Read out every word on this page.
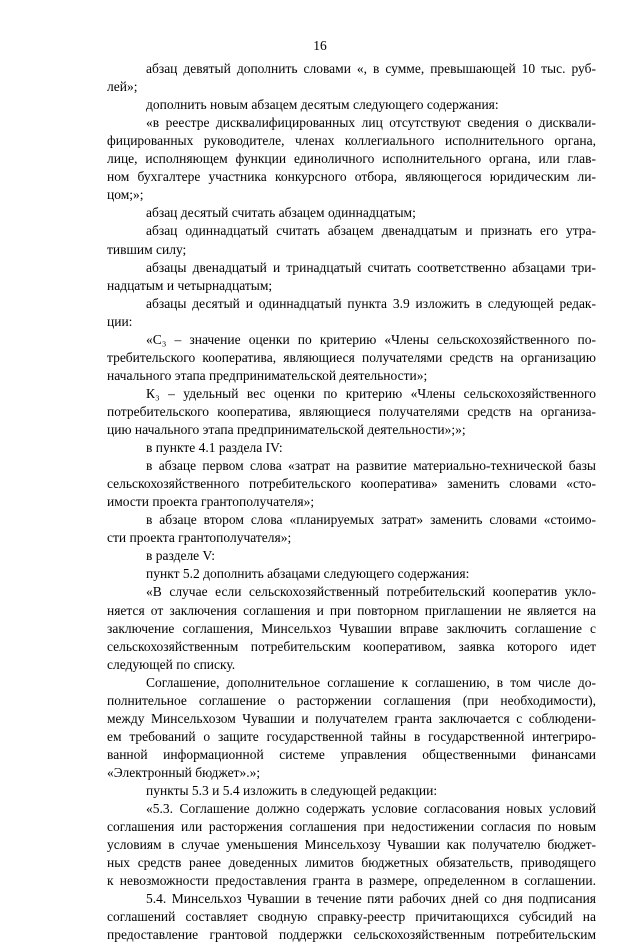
16
абзац девятый дополнить словами «, в сумме, превышающей 10 тыс. руб-
лей»;
дополнить новым абзацем десятым следующего содержания:
«в реестре дисквалифицированных лиц отсутствуют сведения о дисквали-
фицированных руководителе, членах коллегиального исполнительного органа,
лице, исполняющем функции единоличного исполнительного органа, или глав-
ном бухгалтере участника конкурсного отбора, являющегося юридическим ли-
цом;»;
абзац десятый считать абзацем одиннадцатым;
абзац одиннадцатый считать абзацем двенадцатым и признать его утра-
тившим силу;
абзацы двенадцатый и тринадцатый считать соответственно абзацами три-
надцатым и четырнадцатым;
абзацы десятый и одиннадцатый пункта 3.9 изложить в следующей редак-
ции:
«С₃ – значение оценки по критерию «Члены сельскохозяйственного по-
требительского кооператива, являющиеся получателями средств на организацию
начального этапа предпринимательской деятельности»;
К₃ – удельный вес оценки по критерию «Члены сельскохозяйственного
потребительского кооператива, являющиеся получателями средств на организа-
цию начального этапа предпринимательской деятельности»;»;
в пункте 4.1 раздела IV:
в абзаце первом слова «затрат на развитие материально-технической базы
сельскохозяйственного потребительского кооператива» заменить словами «сто-
имости проекта грантополучателя»;
в абзаце втором слова «планируемых затрат» заменить словами «стоимо-
сти проекта грантополучателя»;
в разделе V:
пункт 5.2 дополнить абзацами следующего содержания:
«В случае если сельскохозяйственный потребительский кооператив укло-
няется от заключения соглашения и при повторном приглашении не является на
заключение соглашения, Минсельхоз Чувашии вправе заключить соглашение с
сельскохозяйственным потребительским кооперативом, заявка которого идет
следующей по списку.
Соглашение, дополнительное соглашение к соглашению, в том числе до-
полнительное соглашение о расторжении соглашения (при необходимости),
между Минсельхозом Чувашии и получателем гранта заключается с соблюдени-
ем требований о защите государственной тайны в государственной интегриро-
ванной информационной системе управления общественными финансами
«Электронный бюджет».»;
пункты 5.3 и 5.4 изложить в следующей редакции:
«5.3. Соглашение должно содержать условие согласования новых условий
соглашения или расторжения соглашения при недостижении согласия по новым
условиям в случае уменьшения Минсельхозу Чувашии как получателю бюджет-
ных средств ранее доведенных лимитов бюджетных обязательств, приводящего
к невозможности предоставления гранта в размере, определенном в соглашении.
5.4. Минсельхоз Чувашии в течение пяти рабочих дней со дня подписания
соглашений составляет сводную справку-реестр причитающихся субсидий на
предоставление грантовой поддержки сельскохозяйственным потребительским
